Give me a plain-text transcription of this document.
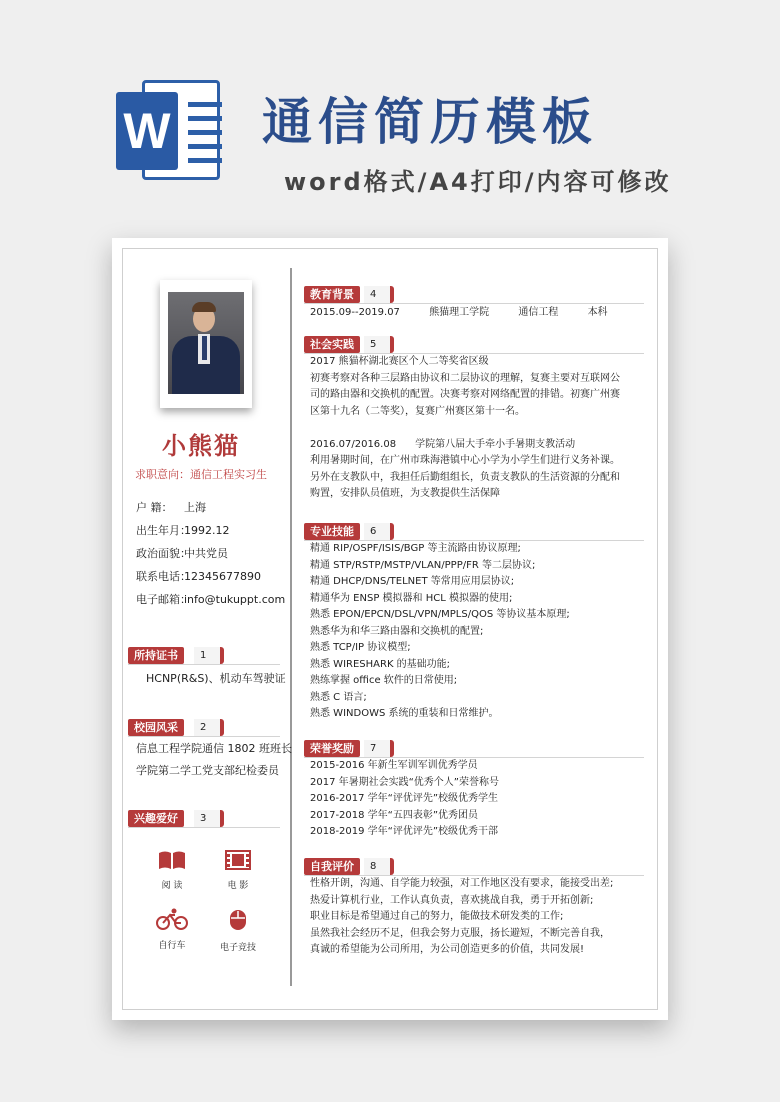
W 通信简历模板
word格式/A4打印/内容可修改
小熊猫
求职意向：通信工程实习生
户 籍： 上海
出生年月：1992.12
政治面貌：中共党员
联系电话：12345677890
电子邮箱：info@tukuppt.com
所持证书	1
HCNP(R&S)、机动车驾驶证
校园风采	2
信息工程学院通信 1802 班班长
学院第二学工党支部纪检委员
兴趣爱好	3
阅 读	电 影
自行车	电子竞技
教育背景	4
2015.09--2019.07	熊猫理工学院	通信工程	本科
社会实践	5
2017 熊猫杯湖北赛区个人二等奖省区级
初赛考察对各种三层路由协议和二层协议的理解，复赛主要对互联网公
司的路由器和交换机的配置。决赛考察对网络配置的排错。初赛广州赛
区第十九名（二等奖），复赛广州赛区第十一名。
2016.07/2016.08      学院第八届大手牵小手暑期支教活动
利用暑期时间，在广州市珠海港镇中心小学为小学生们进行义务补课。
另外在支教队中，我担任后勤组组长，负责支教队的生活资源的分配和
购置，安排队员值班，为支教提供生活保障
专业技能	6
精通 RIP/OSPF/ISIS/BGP 等主流路由协议原理;
精通 STP/RSTP/MSTP/VLAN/PPP/FR 等二层协议;
精通 DHCP/DNS/TELNET 等常用应用层协议;
精通华为 ENSP 模拟器和 HCL 模拟器的使用;
熟悉 EPON/EPCN/DSL/VPN/MPLS/QOS 等协议基本原理;
熟悉华为和华三路由器和交换机的配置;
熟悉 TCP/IP 协议模型;
熟悉 WIRESHARK 的基础功能;
熟练掌握 office 软件的日常使用;
熟悉 C 语言;
熟悉 WINDOWS 系统的重装和日常维护。
荣誉奖励	7
2015-2016 年新生军训军训优秀学员
2017 年暑期社会实践“优秀个人”荣誉称号
2016-2017 学年“评优评先”校级优秀学生
2017-2018 学年“五四表彰”优秀团员
2018-2019 学年“评优评先”校级优秀干部
自我评价	8
性格开朗，沟通、自学能力较强，对工作地区没有要求，能接受出差;
热爱计算机行业，工作认真负责，喜欢挑战自我，勇于开拓创新;
职业目标是希望通过自己的努力，能做技术研发类的工作;
虽然我社会经历不足，但我会努力克服，扬长避短，不断完善自我，
真诚的希望能为公司所用，为公司创造更多的价值，共同发展!
